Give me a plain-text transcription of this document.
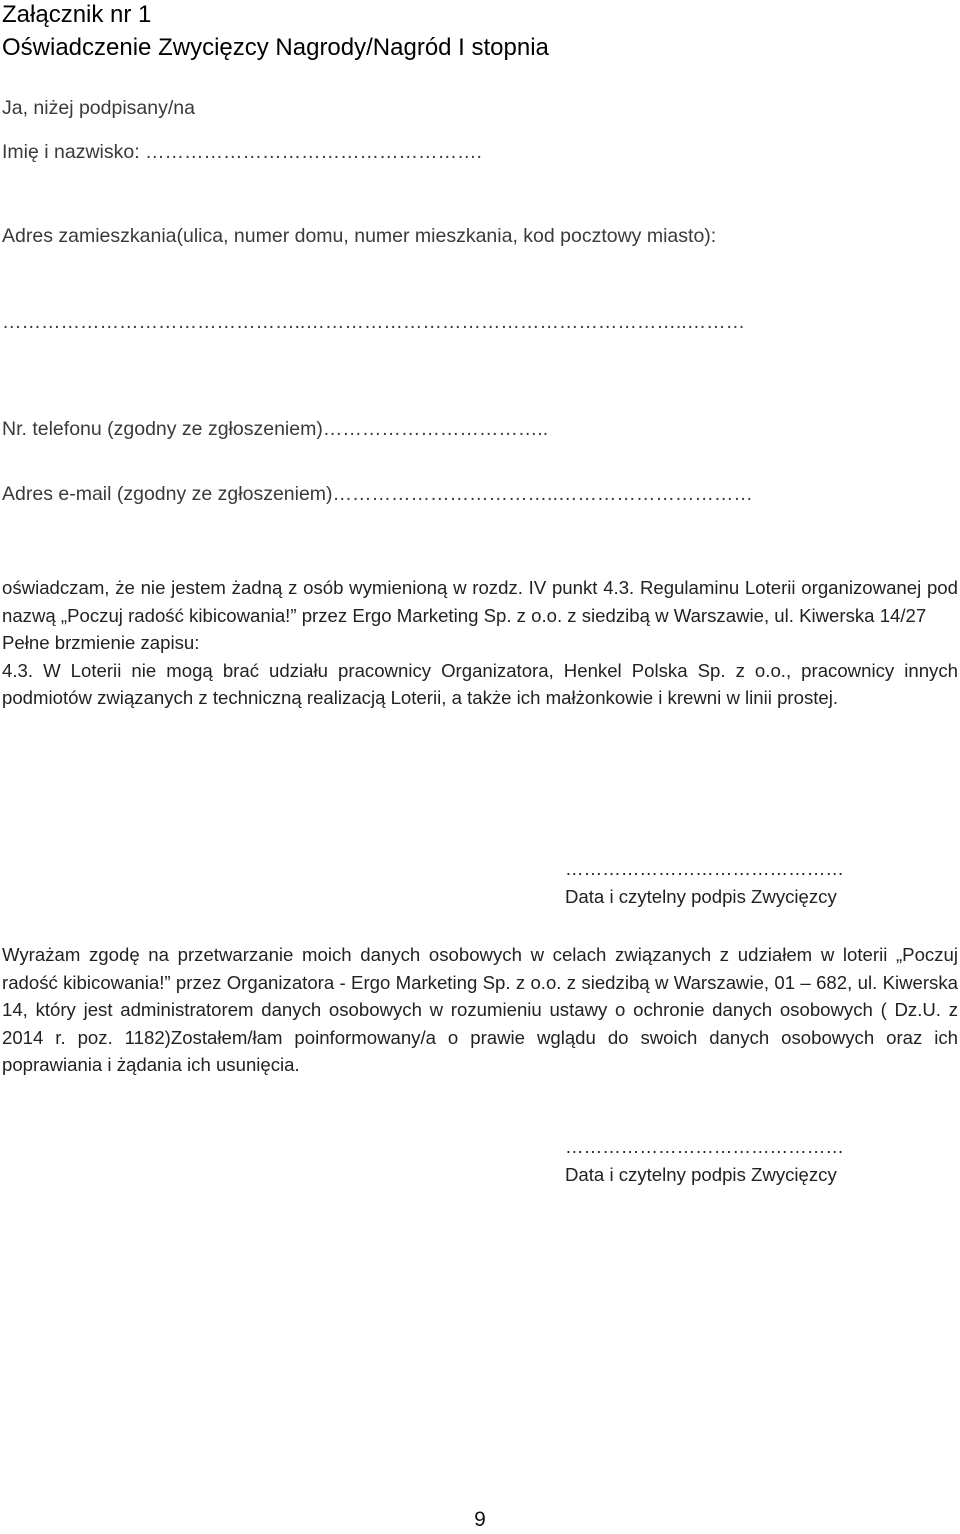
Załącznik nr 1
Oświadczenie Zwycięzcy Nagrody/Nagród I stopnia
Ja, niżej podpisany/na
Imię i nazwisko: …………………………………………….
Adres zamieszkania(ulica, numer domu, numer mieszkania, kod pocztowy miasto):
………………………………………..…………………………………………………..………
Nr. telefonu (zgodny ze zgłoszeniem)……………………………..
Adres e-mail (zgodny ze zgłoszeniem)……………………………..…………………………

oświadczam, że nie jestem żadną z osób wymienioną w rozdz. IV punkt 4.3. Regulaminu Loterii organizowanej pod nazwą „Poczuj radość kibicowania!” przez Ergo Marketing Sp. z o.o. z siedzibą w Warszawie, ul. Kiwerska 14/27

Pełne brzmienie zapisu:

4.3. W Loterii nie mogą brać udziału pracownicy Organizatora, Henkel Polska Sp. z o.o., pracownicy innych podmiotów związanych z techniczną realizacją Loterii, a także ich małżonkowie i krewni w linii prostej.

………………………………………
Data i czytelny podpis Zwycięzcy

Wyrażam zgodę na przetwarzanie moich danych osobowych w celach związanych z udziałem w loterii „Poczuj radość kibicowania!” przez Organizatora - Ergo Marketing Sp. z o.o. z siedzibą w Warszawie, 01 – 682, ul. Kiwerska 14, który jest administratorem danych osobowych w rozumieniu ustawy o ochronie danych osobowych ( Dz.U. z 2014 r. poz. 1182)Zostałem/łam poinformowany/a o prawie wglądu do swoich danych osobowych oraz ich poprawiania i żądania ich usunięcia.

………………………………………
Data i czytelny podpis Zwycięzcy
9
